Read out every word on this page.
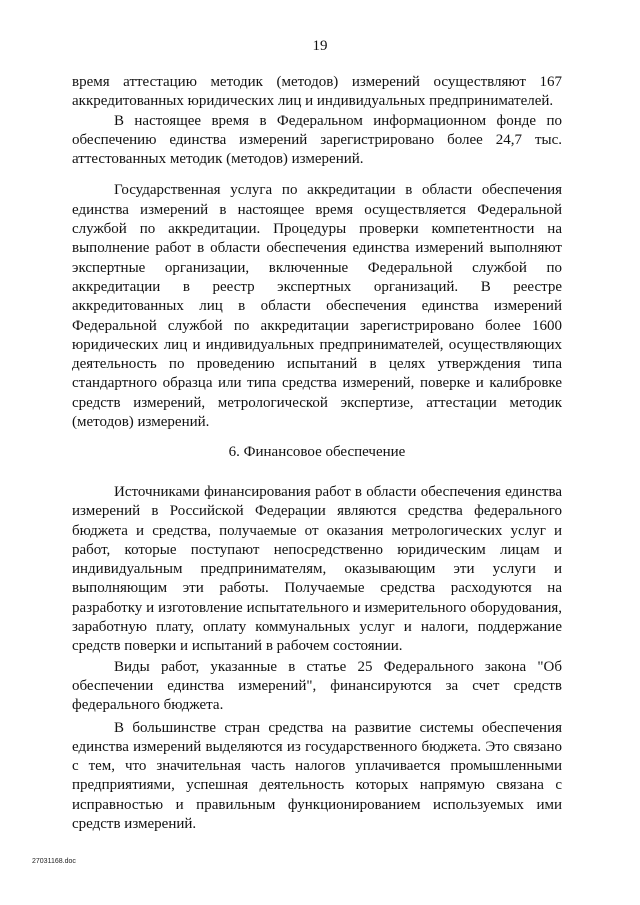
19

время аттестацию методик (методов) измерений осуществляют 167 аккредитованных юридических лиц и индивидуальных предпринимателей.

В настоящее время в Федеральном информационном фонде по обеспечению единства измерений зарегистрировано более 24,7 тыс. аттестованных методик (методов) измерений.

Государственная услуга по аккредитации в области обеспечения единства измерений в настоящее время осуществляется Федеральной службой по аккредитации. Процедуры проверки компетентности на выполнение работ в области обеспечения единства измерений выполняют экспертные организации, включенные Федеральной службой по аккредитации в реестр экспертных организаций. В реестре аккредитованных лиц в области обеспечения единства измерений Федеральной службой по аккредитации зарегистрировано более 1600 юридических лиц и индивидуальных предпринимателей, осуществляющих деятельность по проведению испытаний в целях утверждения типа стандартного образца или типа средства измерений, поверке и калибровке средств измерений, метрологической экспертизе, аттестации методик (методов) измерений.

6. Финансовое обеспечение

Источниками финансирования работ в области обеспечения единства измерений в Российской Федерации являются средства федерального бюджета и средства, получаемые от оказания метрологических услуг и работ, которые поступают непосредственно юридическим лицам и индивидуальным предпринимателям, оказывающим эти услуги и выполняющим эти работы. Получаемые средства расходуются на разработку и изготовление испытательного и измерительного оборудования, заработную плату, оплату коммунальных услуг и налоги, поддержание средств поверки и испытаний в рабочем состоянии.

Виды работ, указанные в статье 25 Федерального закона "Об обеспечении единства измерений", финансируются за счет средств федерального бюджета.

В большинстве стран средства на развитие системы обеспечения единства измерений выделяются из государственного бюджета. Это связано с тем, что значительная часть налогов уплачивается промышленными предприятиями, успешная деятельность которых напрямую связана с исправностью и правильным функционированием используемых ими средств измерений.

27031168.doc
